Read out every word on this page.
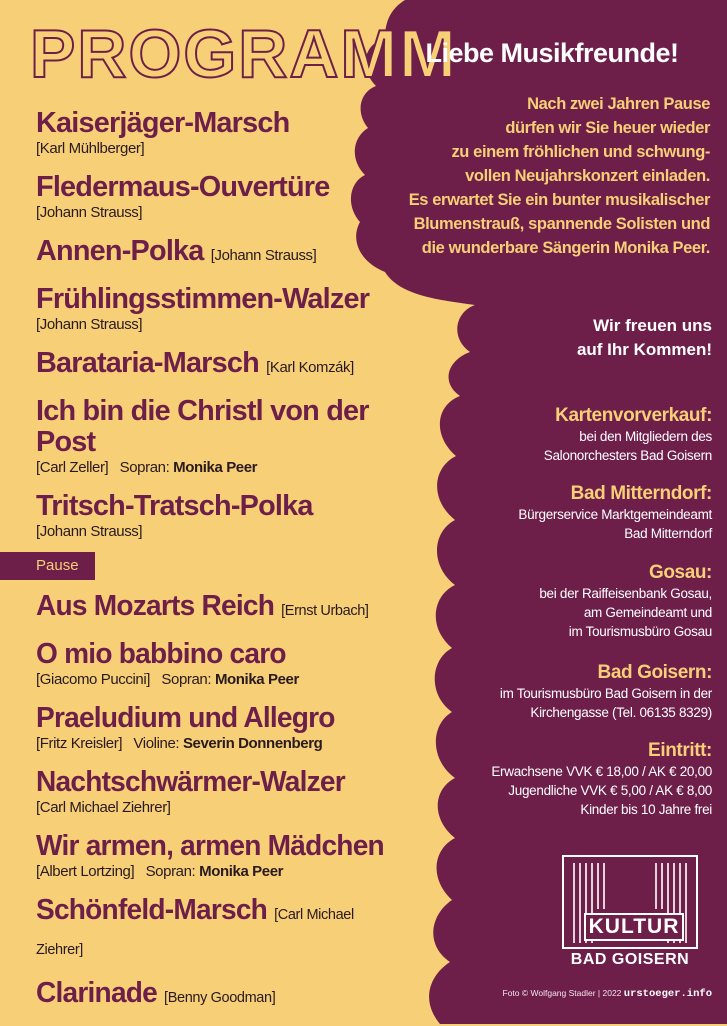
PROGRAMM
Kaiserjäger-Marsch
[Karl Mühlberger]
Fledermaus-Ouvertüre
[Johann Strauss]
Annen-Polka [Johann Strauss]
Frühlingsstimmen-Walzer
[Johann Strauss]
Barataria-Marsch [Karl Komzák]
Ich bin die Christl von der Post
[Carl Zeller] Sopran: Monika Peer
Tritsch-Tratsch-Polka
[Johann Strauss]
Pause
Aus Mozarts Reich [Ernst Urbach]
O mio babbino caro
[Giacomo Puccini] Sopran: Monika Peer
Praeludium und Allegro
[Fritz Kreisler] Violine: Severin Donnenberg
Nachtschwärmer-Walzer
[Carl Michael Ziehrer]
Wir armen, armen Mädchen
[Albert Lortzing] Sopran: Monika Peer
Schönfeld-Marsch [Carl Michael Ziehrer]
Clarinade [Benny Goodman]
Liebe Musikfreunde!
Nach zwei Jahren Pause
dürfen wir Sie heuer wieder
zu einem fröhlichen und schwung-
vollen Neujahrskonzert einladen.
Es erwartet Sie ein bunter musikalischer
Blumenstrauß, spannende Solisten und
die wunderbare Sängerin Monika Peer.
Wir freuen uns
auf Ihr Kommen!
Kartenvorverkauf:
bei den Mitgliedern des
Salonorchesters Bad Goisern
Bad Mitterndorf:
Bürgerservice Marktgemeindeamt
Bad Mitterndorf
Gosau:
bei der Raiffeisenbank Gosau,
am Gemeindeamt und
im Tourismusbüro Gosau
Bad Goisern:
im Tourismusbüro Bad Goisern in der
Kirchengasse (Tel. 06135 8329)
Eintritt:
Erwachsene VVK € 18,00 / AK € 20,00
Jugendliche VVK € 5,00 / AK € 8,00
Kinder bis 10 Jahre frei
KULTUR
BAD GOISERN
Foto © Wolfgang Stadler | 2022 urstoeger.info
